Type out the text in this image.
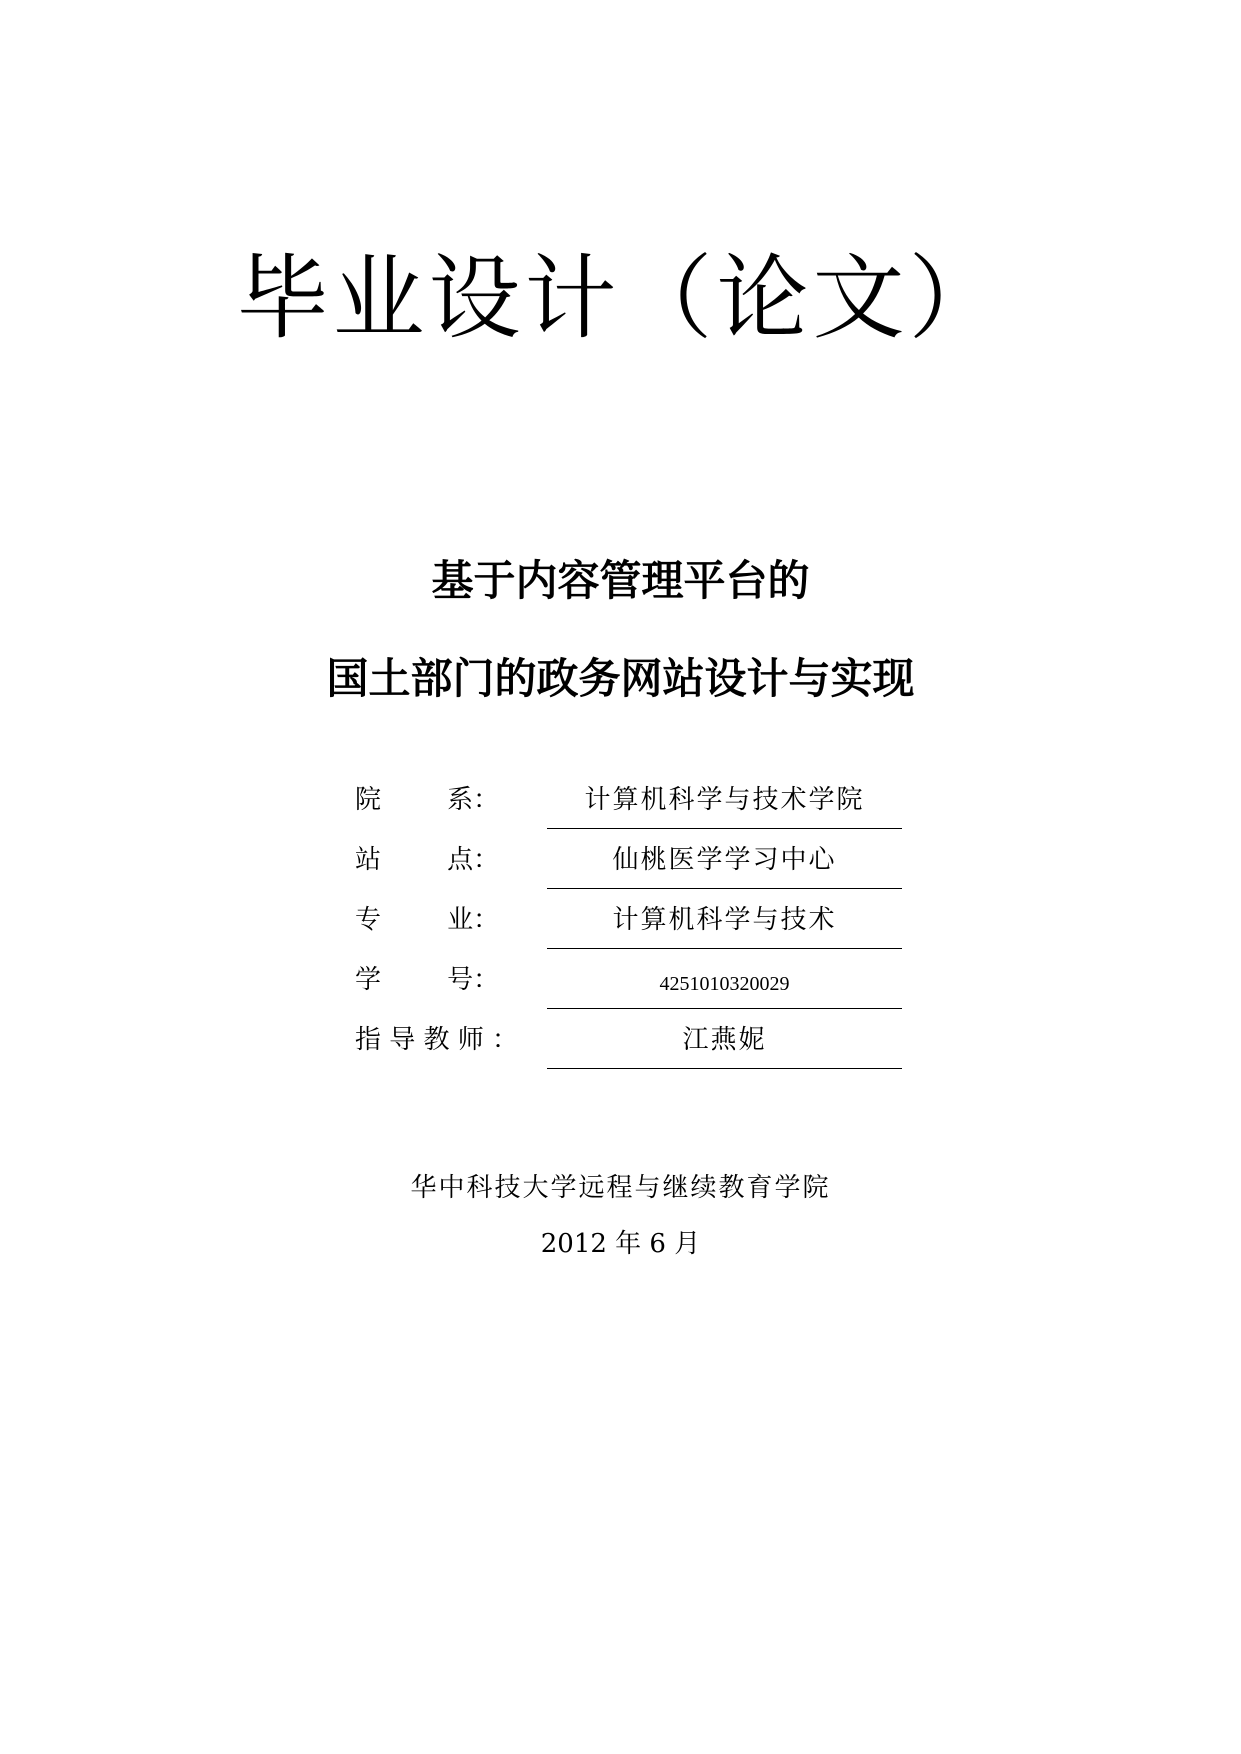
毕业设计（论文）
基于内容管理平台的
国土部门的政务网站设计与实现
院        系：	计算机科学与技术学院
站        点：	仙桃医学学习中心
专        业：	计算机科学与技术
学        号：	4251010320029
指 导 教 师 ：	江燕妮
华中科技大学远程与继续教育学院
2012 年 6 月
